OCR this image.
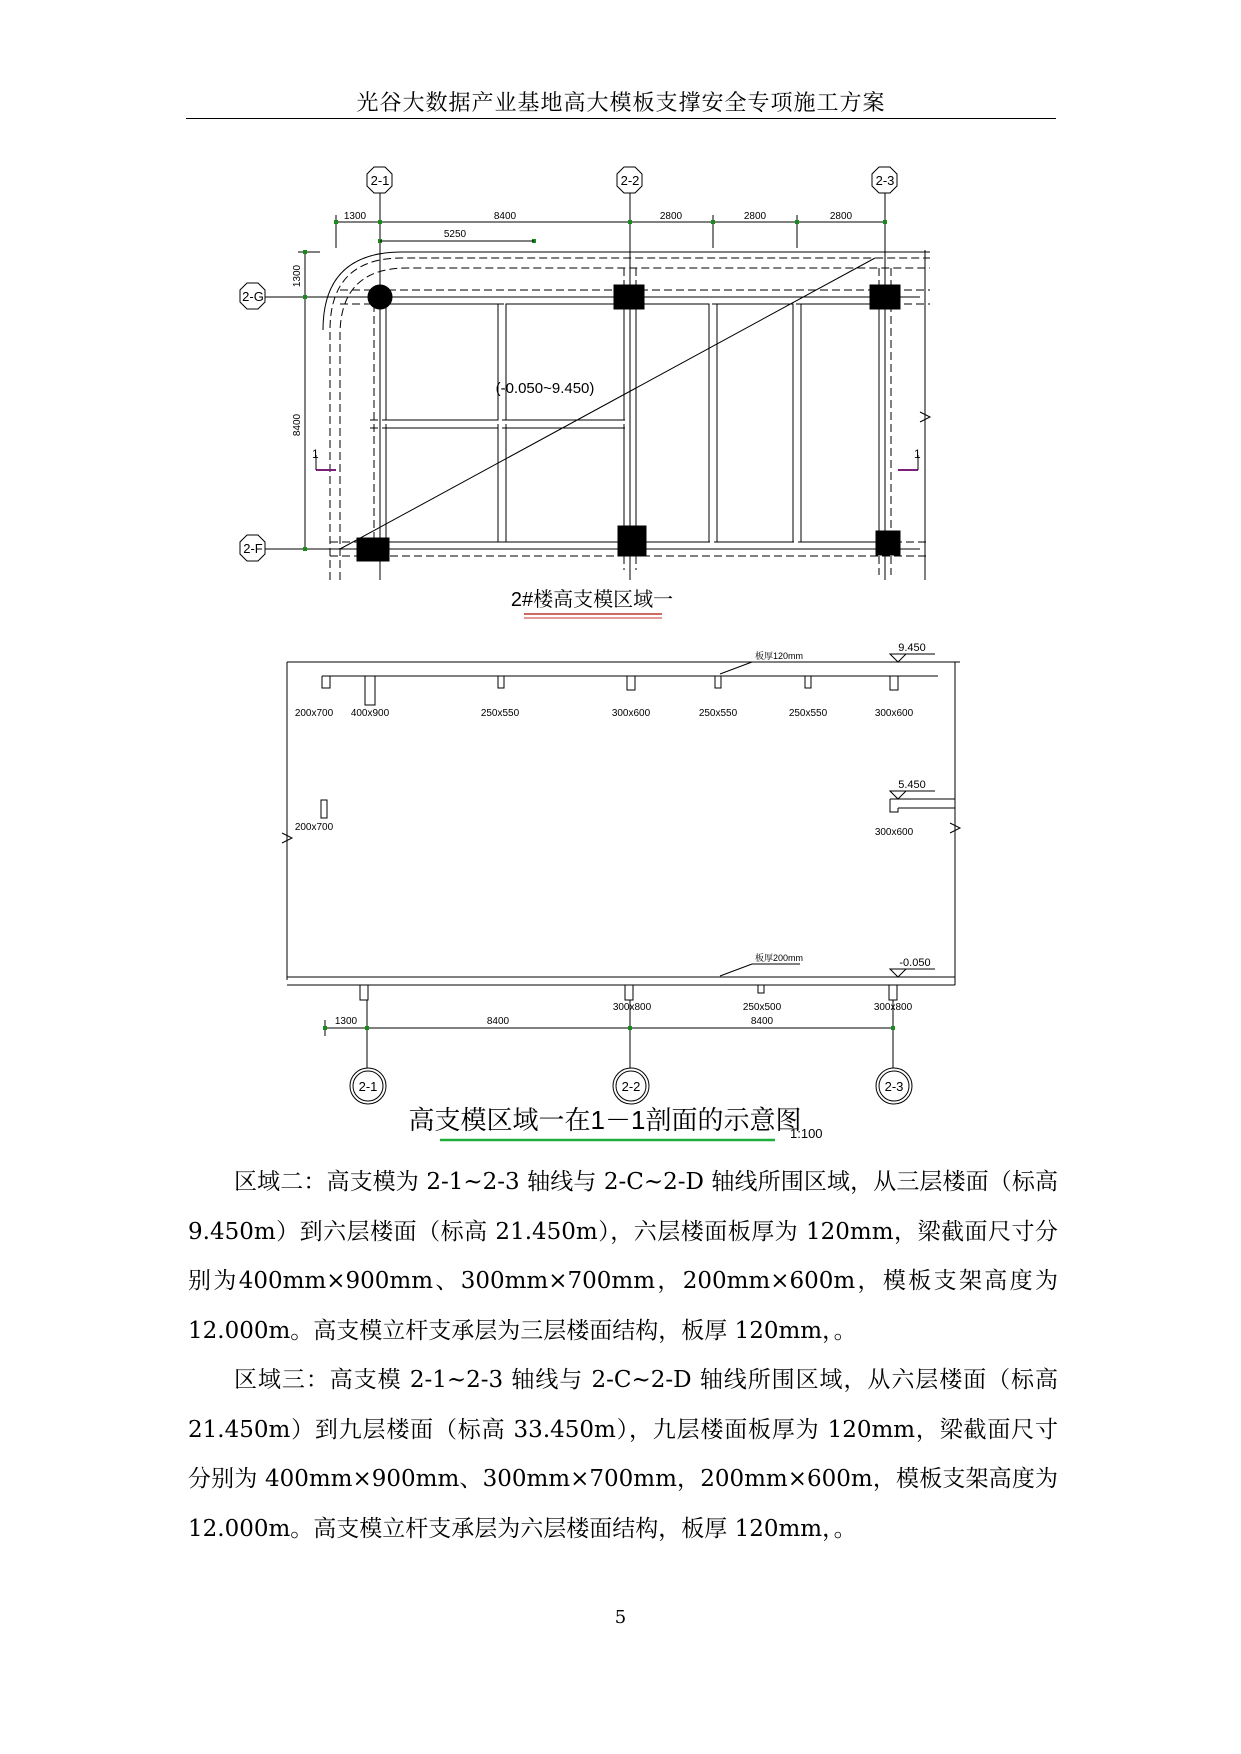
光谷大数据产业基地高大模板支撑安全专项施工方案
2-1	2-2	2-3
2-G
2-F
1300	8400	2800	2800	2800
5250
1300
8400
(-0.050~9.450)
1	1
2#楼高支模区域一
200x700 400x900	250x550	300x600	250x550	250x550	300x600
板厚120mm
9.450
200x700	300x600
5.450
300x800	250x500	300x800
板厚200mm	-0.050
1300	8400	8400
2-1	2-2	2-3
高支模区域一在1－1剖面的示意图
1:100

区域二：高支模为 2-1~2-3 轴线与 2-C~2-D 轴线所围区域，从三层楼面（标高 9.450m）到六层楼面（标高 21.450m），六层楼面板厚为 120mm，梁截面尺寸分别为400mm×900mm、300mm×700mm，200mm×600m，模板支架高度为12.000m。高支模立杆支承层为三层楼面结构，板厚 120mm，。

区域三：高支模 2-1~2-3 轴线与 2-C~2-D 轴线所围区域，从六层楼面（标高 21.450m）到九层楼面（标高 33.450m），九层楼面板厚为 120mm，梁截面尺寸分别为 400mm×900mm、300mm×700mm，200mm×600m，模板支架高度为 12.000m。高支模立杆支承层为六层楼面结构，板厚 120mm，。

5
